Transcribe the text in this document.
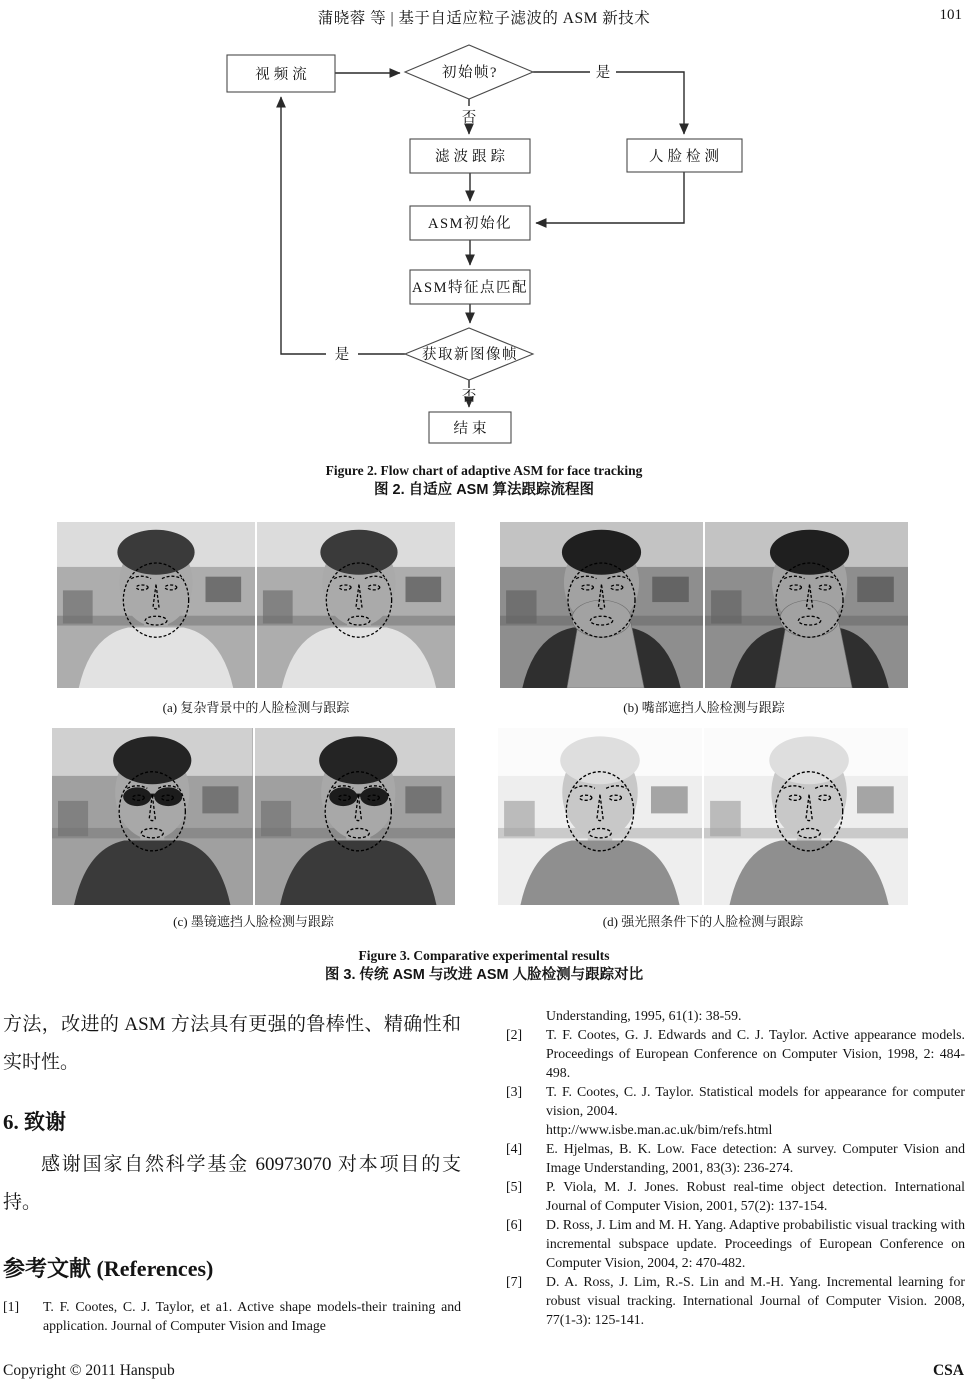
蒲晓蓉 等 | 基于自适应粒子滤波的 ASM 新技术	101
视频流	初始帧?
人脸检测
滤波跟踪
ASM初始化
ASM特征点匹配
获取新图像帧
结束
是
否
是
否
Figure 2. Flow chart of adaptive ASM for face tracking
图 2. 自适应 ASM 算法跟踪流程图
(a) 复杂背景中的人脸检测与跟踪	(b) 嘴部遮挡人脸检测与跟踪
(c) 墨镜遮挡人脸检测与跟踪	(d) 强光照条件下的人脸检测与跟踪
Figure 3. Comparative experimental results
图 3. 传统 ASM 与改进 ASM 人脸检测与跟踪对比

方法，改进的 ASM 方法具有更强的鲁棒性、精确性和实时性。

6. 致谢

感谢国家自然科学基金 60973070 对本项目的支持。

参考文献 (References)
[1]	T. F. Cootes, C. J. Taylor, et a1. Active shape models-their training and application. Journal of Computer Vision and Image
Understanding, 1995, 61(1): 38-59.
[2]	T. F. Cootes, G. J. Edwards and C. J. Taylor. Active appearance models. Proceedings of European Conference on Computer Vision, 1998, 2: 484-498.
[3]	T. F. Cootes, C. J. Taylor. Statistical models for appearance for computer vision, 2004.
http://www.isbe.man.ac.uk/bim/refs.html
[4]	E. Hjelmas, B. K. Low. Face detection: A survey. Computer Vision and Image Understanding, 2001, 83(3): 236-274.
[5]	P. Viola, M. J. Jones. Robust real-time object detection. International Journal of Computer Vision, 2001, 57(2): 137-154.
[6]	D. Ross, J. Lim and M. H. Yang. Adaptive probabilistic visual tracking with incremental subspace update. Proceedings of European Conference on Computer Vision, 2004, 2: 470-482.
[7]	D. A. Ross, J. Lim, R.-S. Lin and M.-H. Yang. Incremental learning for robust visual tracking. International Journal of Computer Vision. 2008, 77(1-3): 125-141.
Copyright © 2011 Hanspub	CSA
